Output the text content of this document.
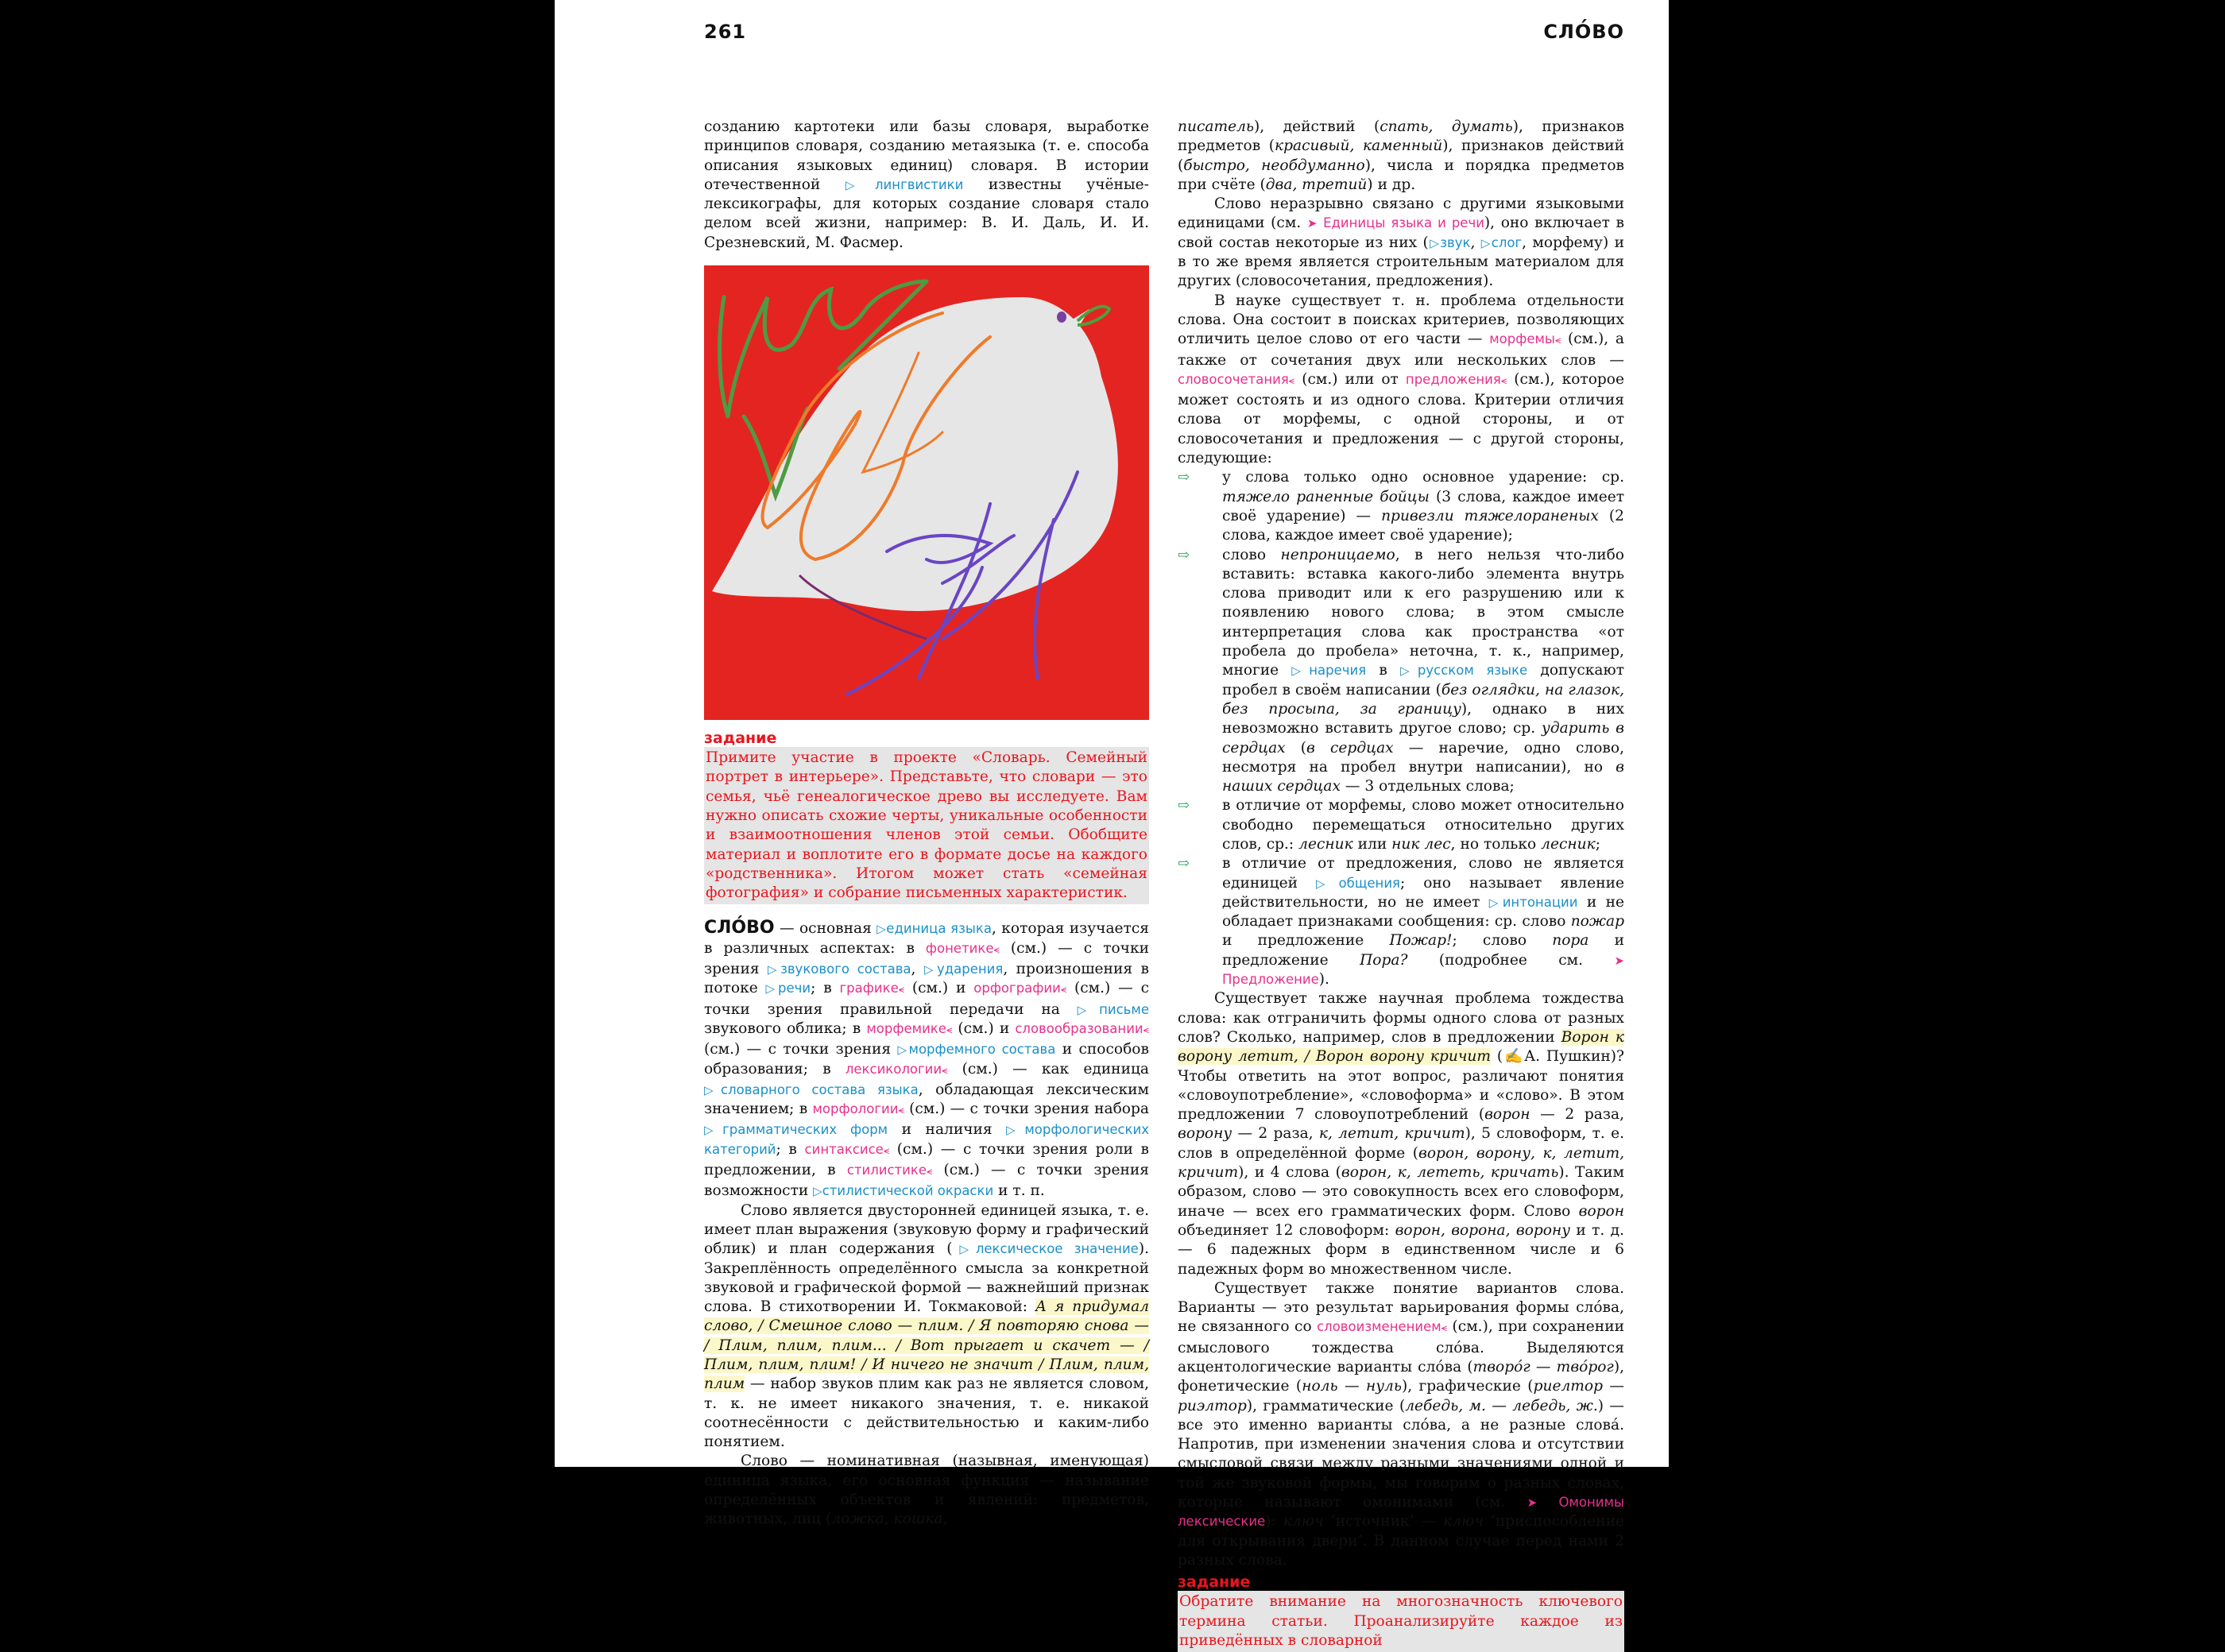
261	СЛО́ВО

созданию картотеки или базы словаря, выработке принципов словаря, созданию метаязыка (т. е. способа описания языковых единиц) словаря. В истории отечественной ▷	лингвистики известны учёные-лексикографы, для которых создание словаря стало делом всей жизни, например: В. И. Даль, И. И. Срезневский, М. Фасмер.

задание

Примите участие в проекте «Словарь. Семейный портрет в интерьере». Представьте, что словари — это семья, чьё генеалогическое древо вы исследуете. Вам нужно описать схожие черты, уникальные особенности и взаимоотношения членов этой семьи. Обобщите материал и воплотите его в формате досье на каждого «родственника». Итогом может стать «семейная фотография» и собрание письменных характеристик.

СЛО́ВО — основная ▷ единица языка, которая изучается в различных аспектах: в фонетике⪪ (см.) — с точки зрения ▷ звукового состава, ▷ ударения, произношения в потоке ▷ речи; в графике⪪ (см.) и орфографии⪪ (см.) — с точки зрения правильной передачи на ▷ письме звукового облика; в морфемике⪪ (см.) и словообразовании⪪ (см.) — с точки зрения ▷ морфемного состава и способов образования; в лексикологии⪪ (см.) — как единица ▷ словарного состава языка, обладающая лексическим значением; в морфологии⪪ (см.) — с точки зрения набора ▷ грамматических форм и наличия ▷ морфологических категорий; в синтаксисе⪪ (см.) — с точки зрения роли в предложении, в стилистике⪪ (см.) — с точки зрения возможности ▷ стилистической окраски и т. п.

Слово является двусторонней единицей языка, т. е. имеет план выражения (звуковую форму и графический облик) и план содержания ( ▷ лексическое значение). Закреплённость определённого смысла за конкретной звуковой и графической формой — важнейший признак слова. В стихотворении И. Токмаковой: А я придумал слово, / Смешное слово — плим. / Я повторяю снова — / Плим, плим, плим... / Вот прыгает и скачет — / Плим, плим, плим! / И ничего не значит / Плим, плим, плим — набор звуков плим как раз не является словом, т. к. не имеет никакого значения, т. е. никакой соотнесённости с действительностью и каким-либо понятием.

Слово — номинативная (назывная, именующая) единица языка, его основная функция — называние определённых объектов и явлений: предметов, животных, лиц (ложка, кошка,

писатель), действий (спать, думать), признаков предметов (красивый, каменный), признаков действий (быстро, необдуманно), числа и порядка предметов при счёте (два, третий) и др.

Слово неразрывно связано с другими языковыми единицами (см. ➤ Единицы языка и речи), оно включает в свой состав некоторые из них ( ▷ звук, ▷ слог, морфему) и в то же время является строительным материалом для других (словосочетания, предложения).

В науке существует т. н. проблема отдельности слова. Она состоит в поисках критериев, позволяющих отличить целое слово от его части — морфемы⪪ (см.), а также от сочетания двух или нескольких слов — словосочетания⪪ (см.) или от предложения⪪ (см.), которое может состоять и из одного слова. Критерии отличия слова от морфемы, с одной стороны, и от словосочетания и предложения — с другой стороны, следующие:

⇨ у слова только одно основное ударение: ср. тяжело раненные бойцы (3 слова, каждое имеет своё ударение) — привезли тяжелораненых (2 слова, каждое имеет своё ударение);
⇨ слово непроницаемо, в него нельзя что-либо вставить: вставка какого-либо элемента внутрь слова приводит или к его разрушению или к появлению нового слова; в этом смысле интерпретация слова как пространства «от пробела до пробела» неточна, т. к., например, многие ▷ наречия в ▷ русском языке допускают пробел в своём написании (без оглядки, на глазок, без просыпа, за границу), однако в них невозможно вставить другое слово; ср. ударить в сердцах (в сердцах — наречие, одно слово, несмотря на пробел внутри написании), но в наших сердцах — 3 отдельных слова;
⇨ в отличие от морфемы, слово может относительно свободно перемещаться относительно других слов, ср.: лесник или ник лес, но только лесник;
⇨ в отличие от предложения, слово не является единицей ▷ общения; оно называет явление действительности, но не имеет ▷ интонации и не обладает признаками сообщения: ср. слово пожар и предложение Пожар!; слово пора и предложение Пора? (подробнее см. ➤ Предложение).

Существует также научная проблема тождества слова: как отграничить формы одного слова от разных слов? Сколько, например, слов в предложении Ворон к ворону летит, / Ворон ворону кричит (✍А. Пушкин)? Чтобы ответить на этот вопрос, различают понятия «словоупотребление», «словоформа» и «слово». В этом предложении 7 словоупотреблений (ворон — 2 раза, ворону — 2 раза, к, летит, кричит), 5 словоформ, т. е. слов в определённой форме (ворон, ворону, к, летит, кричит), и 4 слова (ворон, к, лететь, кричать). Таким образом, слово — это совокупность всех его словоформ, иначе — всех его грамматических форм. Слово ворон объединяет 12 словоформ: ворон, ворона, ворону и т. д. — 6 падежных форм в единственном числе и 6 падежных форм во множественном числе.

Существует также понятие вариантов слова. Варианты — это результат варьирования формы сло́ва, не связанного со словоизменением⪪ (см.), при сохранении смыслового тождества сло́ва. Выделяются акцентологические варианты сло́ва (творо́г — тво́рог), фонетические (ноль — нуль), графические (риелтор — риэлтор), грамматические (лебедь, м. — лебедь, ж.) — все это именно варианты сло́ва, а не разные слова́. Напротив, при изменении значения слова и отсутствии смысловой связи между разными значениями одной и той же звуковой формы, мы говорим о разных словах, которые называют омонимами (см. ➤ Омонимы лексические): ключ ‘источник’ — ключ ‘приспособление для открывания двери’. В данном случае перед нами 2 разных слова.

задание

Обратите внимание на многозначность ключевого термина статьи. Проанализируйте каждое из приведённых в словарной
